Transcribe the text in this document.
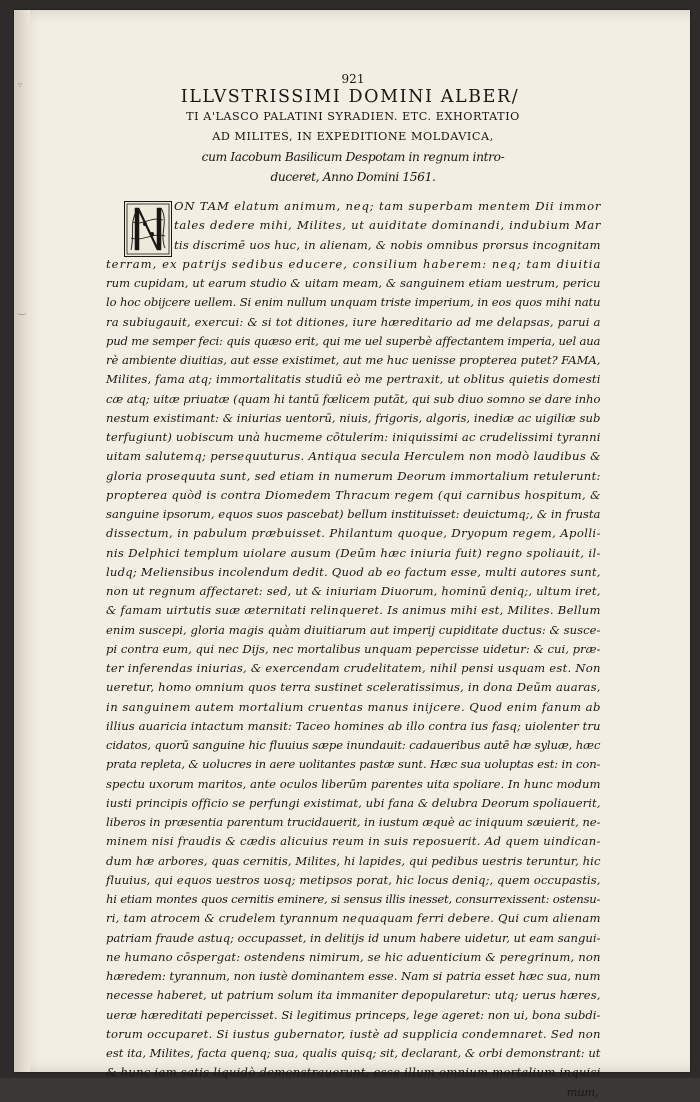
·:·
·~·
921
ILLVSTRISSIMI DOMINI ALBER/
TI A'LASCO PALATINI SYRADIEN. ETC. EXHORTATIO
AD MILITES, IN EXPEDITIONE MOLDAVICA,
cum Iacobum Basilicum Despotam in regnum intro-
duceret, Anno Domini 1561.
ON TAM elatum animum, neq; tam superbam mentem Dii immor
tales dedere mihi, Milites, ut auiditate dominandi, indubium Mar
tis discrimē uos huc, in alienam, & nobis omnibus prorsus incognitam
terram, ex patrijs sedibus educere, consilium haberem: neq; tam diuitia
rum cupidam, ut earum studio & uitam meam, & sanguinem etiam uestrum, pericu
lo hoc obijcere uellem. Si enim nullum unquam triste imperium, in eos quos mihi natu
ra subiugauit, exercui: & si tot ditiones, iure hæreditario ad me delapsas, parui a
pud me semper feci: quis quæso erit, qui me uel superbè affectantem imperia, uel aua
rè ambiente diuitias, aut esse existimet, aut me huc uenisse propterea putet? FAMA,
Milites, fama atq; immortalitatis studiū eò me pertraxit, ut oblitus quietis domesti
cæ atq; uitæ priuatæ (quam hi tantū fœlicem putāt, qui sub diuo somno se dare inho
nestum existimant: & iniurias uentorū, niuis, frigoris, algoris, inediæ ac uigiliæ sub
terfugiunt) uobiscum unà hucmeme cōtulerim: iniquissimi ac crudelissimi tyranni
uitam salutemq; persequuturus. Antiqua secula Herculem non modò laudibus &
gloria prosequuta sunt, sed etiam in numerum Deorum immortalium retulerunt:
propterea quòd is contra Diomedem Thracum regem (qui carnibus hospitum, &
sanguine ipsorum, equos suos pascebat) bellum instituisset: deuictumq;, & in frusta
dissectum, in pabulum præbuisset. Philantum quoque, Dryopum regem, Apolli-
nis Delphici templum uiolare ausum (Deūm hæc iniuria fuit) regno spoliauit, il-
ludq; Meliensibus incolendum dedit. Quod ab eo factum esse, multi autores sunt,
non ut regnum affectaret: sed, ut & iniuriam Diuorum, hominū deniq;, ultum iret,
& famam uirtutis suæ æternitati relinqueret. Is animus mihi est, Milites. Bellum
enim suscepi, gloria magis quàm diuitiarum aut imperij cupiditate ductus: & susce-
pi contra eum, qui nec Dijs, nec mortalibus unquam pepercisse uidetur: & cui, præ-
ter inferendas iniurias, & exercendam crudelitatem, nihil pensi usquam est. Non
ueretur, homo omnium quos terra sustinet sceleratissimus, in dona Deūm auaras,
in sanguinem autem mortalium cruentas manus inijcere. Quod enim fanum ab
illius auaricia intactum mansit: Taceo homines ab illo contra ius fasq; uiolenter tru
cidatos, quorū sanguine hic fluuius sæpe inundauit: cadaueribus autē hæ syluæ, hæc
prata repleta, & uolucres in aere uolitantes pastæ sunt. Hæc sua uoluptas est: in con-
spectu uxorum maritos, ante oculos liberūm parentes uita spoliare. In hunc modum
iusti principis officio se perfungi existimat, ubi fana & delubra Deorum spoliauerit,
liberos in præsentia parentum trucidauerit, in iustum æquè ac iniquum sæuierit, ne-
minem nisi fraudis & cædis alicuius reum in suis reposuerit. Ad quem uindican-
dum hæ arbores, quas cernitis, Milites, hi lapides, qui pedibus uestris teruntur, hic
fluuius, qui equos uestros uosq; metipsos porat, hic locus deniq;, quem occupastis,
hi etiam montes quos cernitis eminere, si sensus illis inesset, consurrexissent: ostensu-
ri, tam atrocem & crudelem tyrannum nequaquam ferri debere. Qui cum alienam
patriam fraude astuq; occupasset, in delitijs id unum habere uidetur, ut eam sangui-
ne humano cōspergat: ostendens nimirum, se hic aduenticium & peregrinum, non
hæredem: tyrannum, non iustè dominantem esse. Nam si patria esset hæc sua, num
necesse haberet, ut patrium solum ita immaniter depopularetur: utq; uerus hæres,
ueræ hæreditati pepercisset. Si legitimus princeps, lege ageret: non ui, bona subdi-
torum occuparet. Si iustus gubernator, iustè ad supplicia condemnaret. Sed non
est ita, Milites, facta quenq; sua, qualis quisq; sit, declarant, & orbi demonstrant: ut
& hunc iam satis liquidò demonstrauerunt, esse illum omnium mortalium inquisi
mum,
